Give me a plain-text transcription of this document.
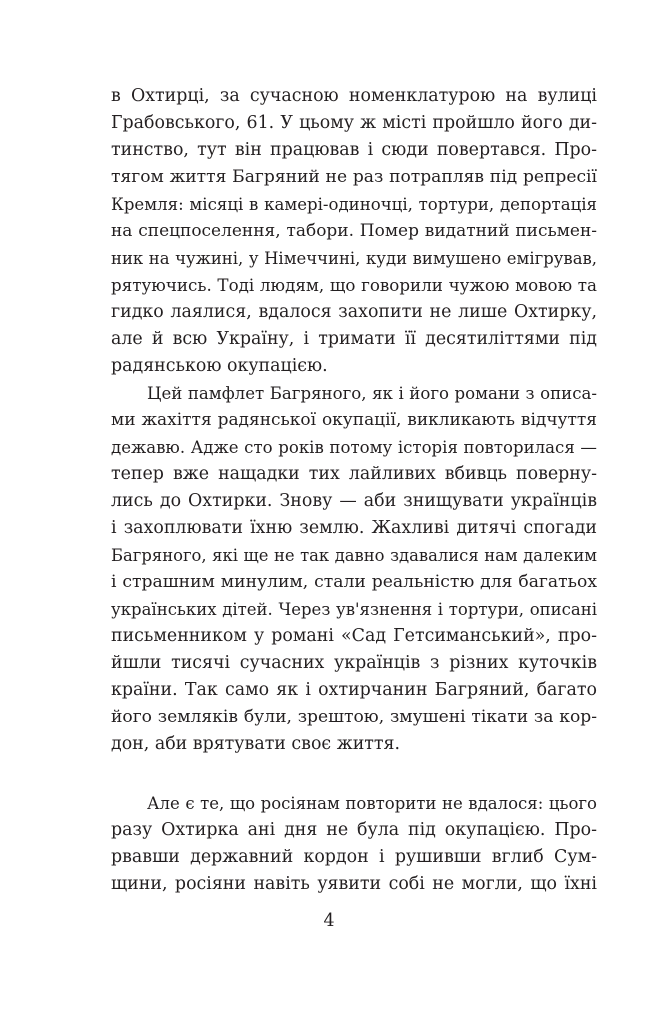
в Охтирці, за сучасною номенклатурою на вулиці
Грабовського, 61. У цьому ж місті пройшло його ди-
тинство, тут він працював і сюди повертався. Про-
тягом життя Багряний не раз потрапляв під репресії
Кремля: місяці в камері-одиночці, тортури, депортація
на спецпоселення, табори. Помер видатний письмен-
ник на чужині, у Німеччині, куди вимушено емігрував,
рятуючись. Тоді людям, що говорили чужою мовою та
гидко лаялися, вдалося захопити не лише Охтирку,
але й всю Україну, і тримати її десятиліттями під
радянською окупацією.
Цей памфлет Багряного, як і його романи з описа-
ми жахіття радянської окупації, викликають відчуття
дежавю. Адже сто років потому історія повторилася —
тепер вже нащадки тих лайливих вбивць поверну-
лись до Охтирки. Знову — аби знищувати українців
і захоплювати їхню землю. Жахливі дитячі спогади
Багряного, які ще не так давно здавалися нам далеким
і страшним минулим, стали реальністю для багатьох
українських дітей. Через ув'язнення і тортури, описані
письменником у романі «Сад Гетсиманський», про-
йшли тисячі сучасних українців з різних куточків
країни. Так само як і охтирчанин Багряний, багато
його земляків були, зрештою, змушені тікати за кор-
дон, аби врятувати своє життя.
Але є те, що росіянам повторити не вдалося: цього
разу Охтирка ані дня не була під окупацією. Про-
рвавши державний кордон і рушивши вглиб Сум-
щини, росіяни навіть уявити собі не могли, що їхні
4
